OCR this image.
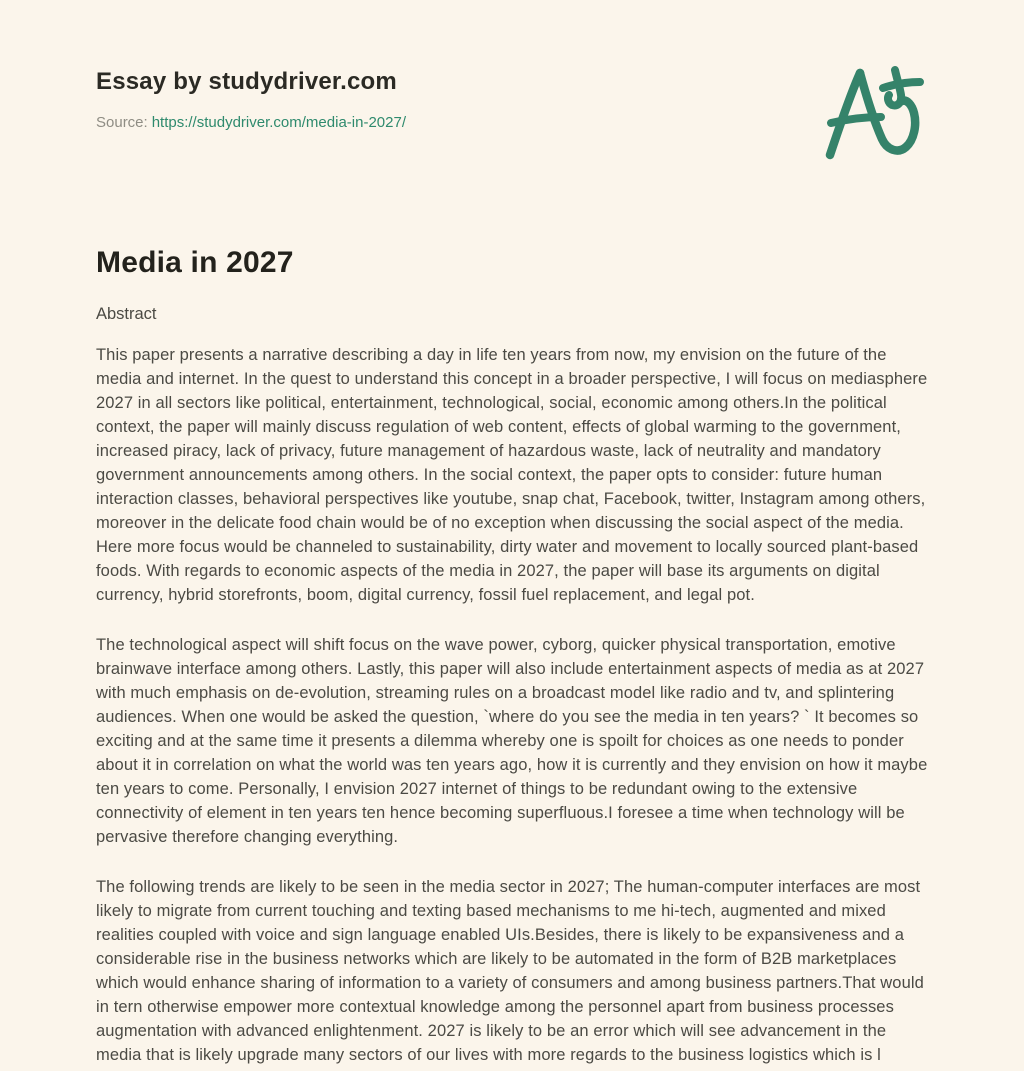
Essay by studydriver.com
Source: https://studydriver.com/media-in-2027/
Media in 2027
Abstract

This paper presents a narrative describing a day in life ten years from now, my envision on the future of the media and internet. In the quest to understand this concept in a broader perspective, I will focus on mediasphere 2027 in all sectors like political, entertainment, technological, social, economic among others.In the political context, the paper will mainly discuss regulation of web content, effects of global warming to the government, increased piracy, lack of privacy, future management of hazardous waste, lack of neutrality and mandatory government announcements among others. In the social context, the paper opts to consider: future human interaction classes, behavioral perspectives like youtube, snap chat, Facebook, twitter, Instagram among others, moreover in the delicate food chain would be of no exception when discussing the social aspect of the media. Here more focus would be channeled to sustainability, dirty water and movement to locally sourced plant-based foods. With regards to economic aspects of the media in 2027, the paper will base its arguments on digital currency, hybrid storefronts, boom, digital currency, fossil fuel replacement, and legal pot.

The technological aspect will shift focus on the wave power, cyborg, quicker physical transportation, emotive brainwave interface among others. Lastly, this paper will also include entertainment aspects of media as at 2027 with much emphasis on de-evolution, streaming rules on a broadcast model like radio and tv, and splintering audiences. When one would be asked the question, `where do you see the media in ten years? ` It becomes so exciting and at the same time it presents a dilemma whereby one is spoilt for choices as one needs to ponder about it in correlation on what the world was ten years ago, how it is currently and they envision on how it maybe ten years to come. Personally, I envision 2027 internet of things to be redundant owing to the extensive connectivity of element in ten years ten hence becoming superfluous.I foresee a time when technology will be pervasive therefore changing everything.

The following trends are likely to be seen in the media sector in 2027; The human-computer interfaces are most likely to migrate from current touching and texting based mechanisms to me hi-tech, augmented and mixed realities coupled with voice and sign language enabled UIs.Besides, there is likely to be expansiveness and a considerable rise in the business networks which are likely to be automated in the form of B2B marketplaces which would enhance sharing of information to a variety of consumers and among business partners.That would in tern otherwise empower more contextual knowledge among the personnel apart from business processes augmentation with advanced enlightenment. 2027 is likely to be an error which will see advancement in the media that is likely upgrade many sectors of our lives with more regards to the business logistics which is l
